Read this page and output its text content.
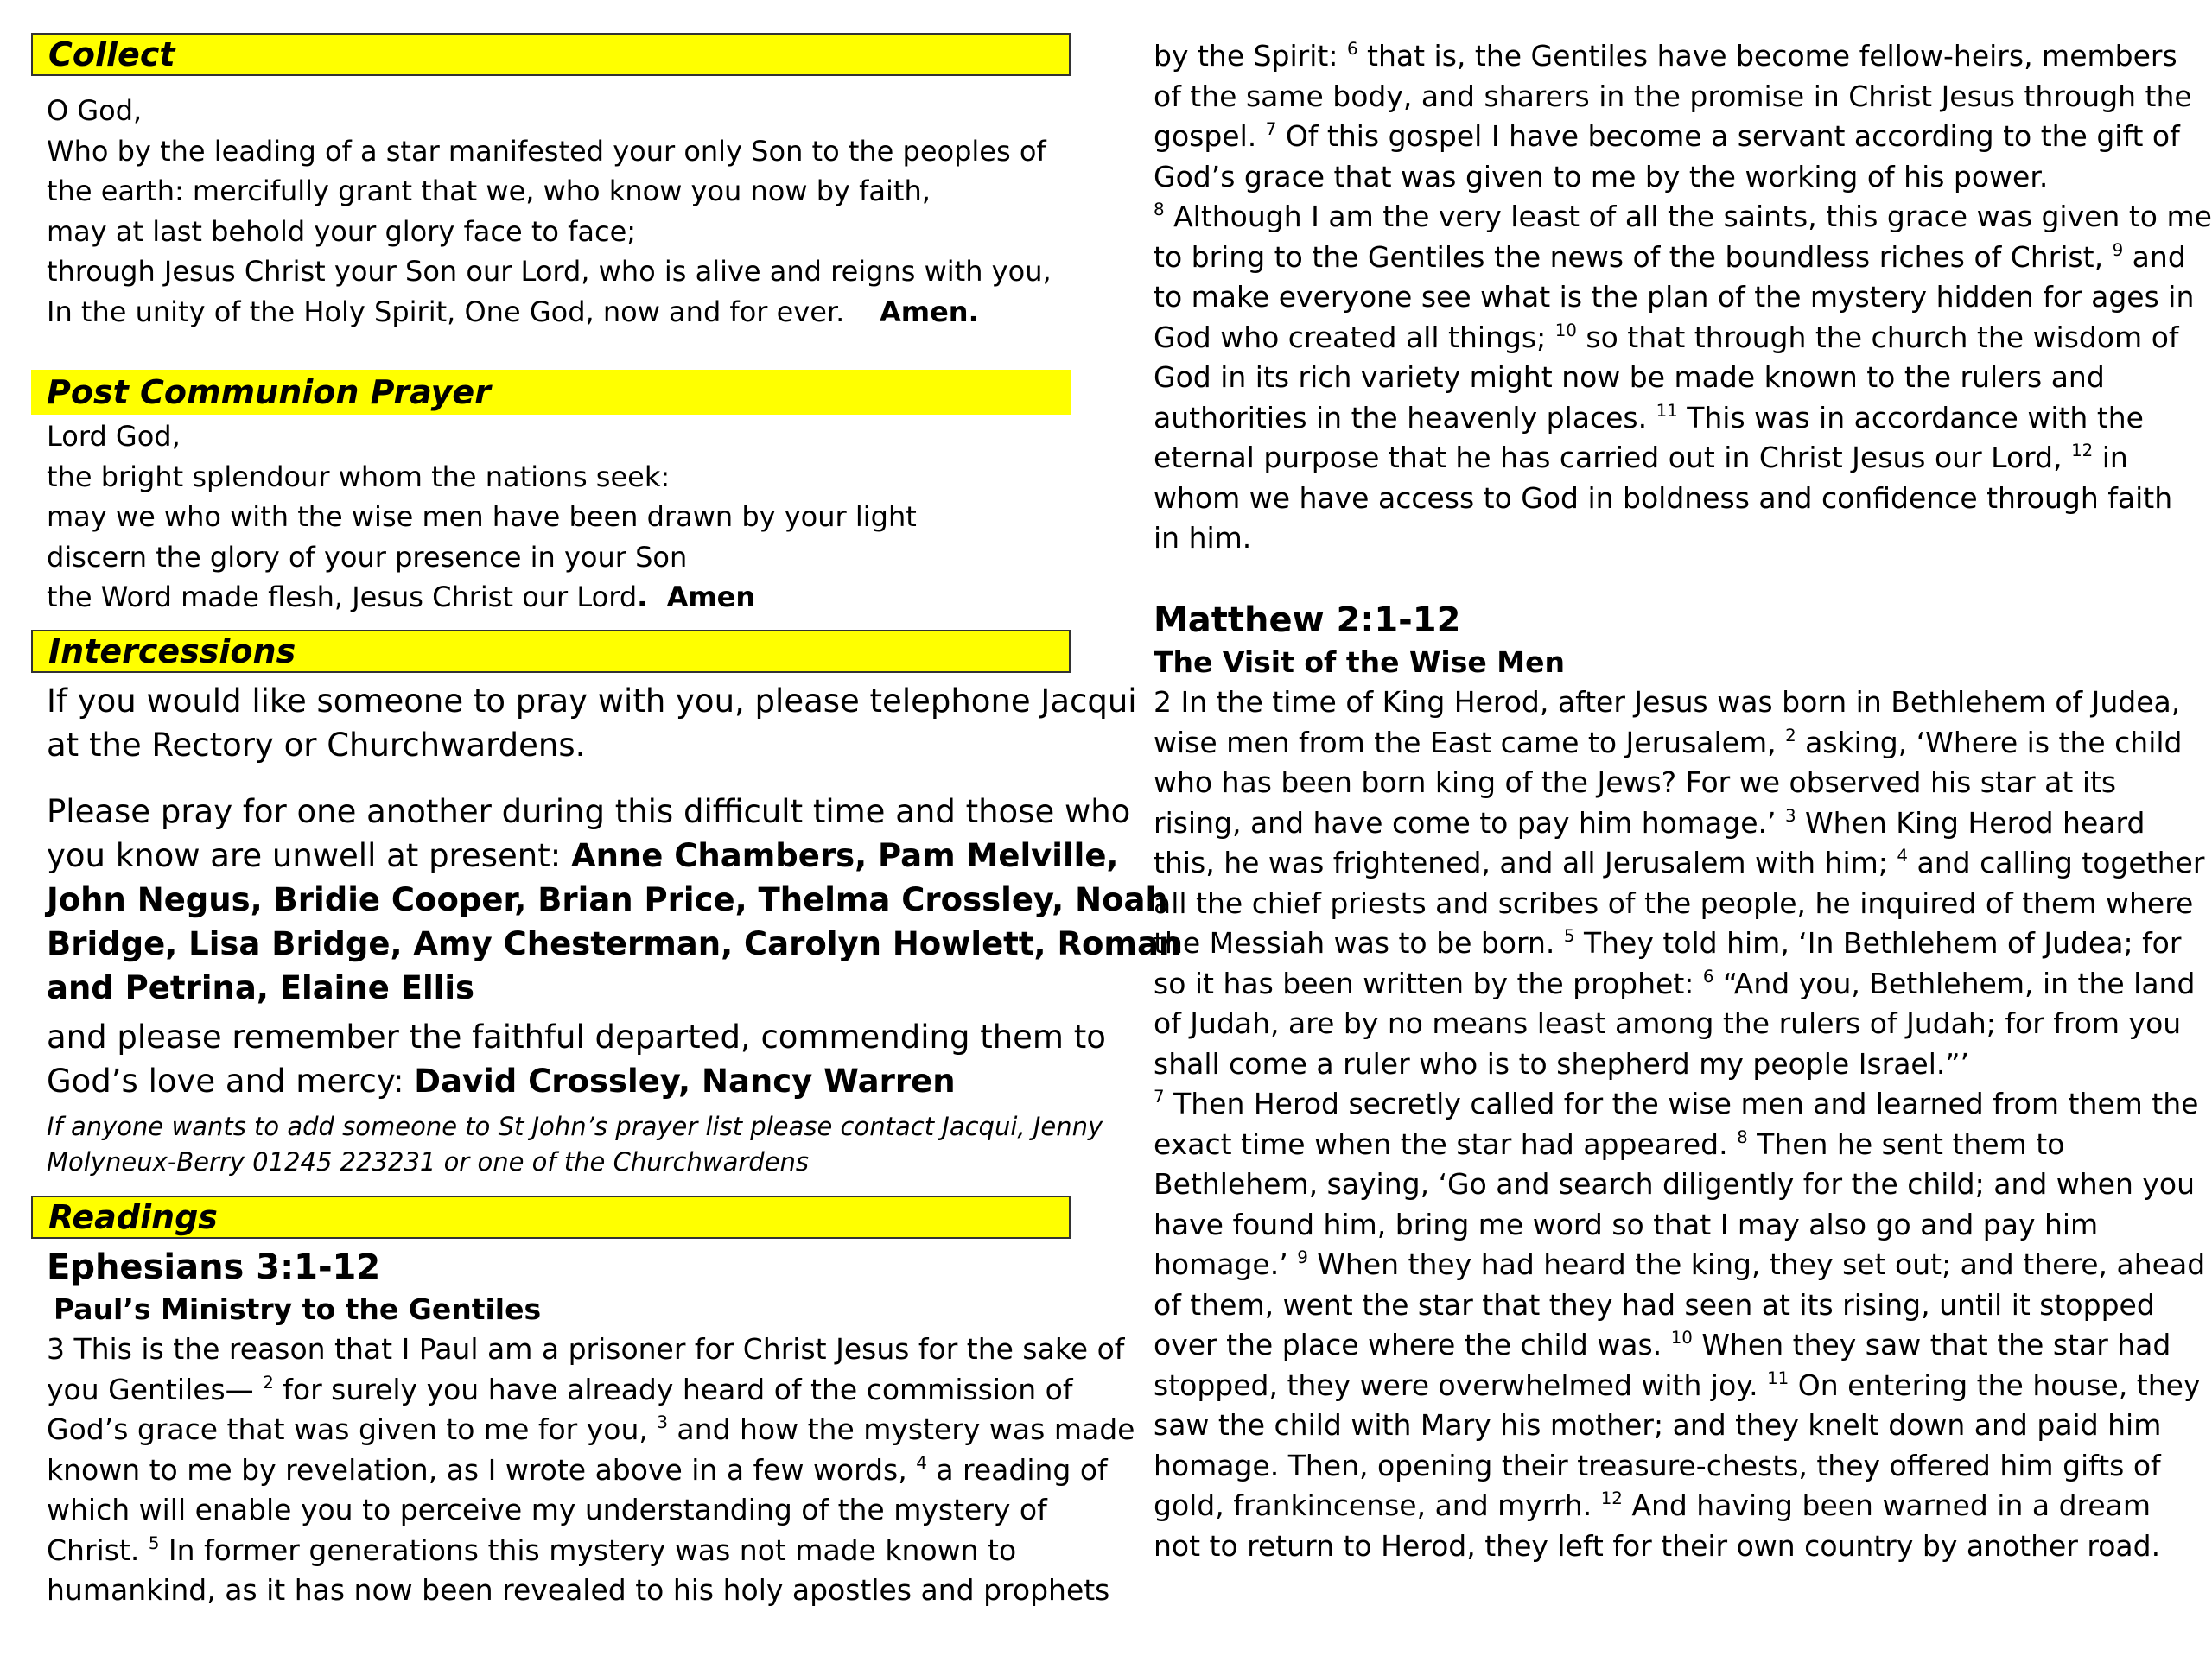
Collect
O God,
Who by the leading of a star manifested your only Son to the peoples of
the earth: mercifully grant that we, who know you now by faith,
may at last behold your glory face to face;
through Jesus Christ your Son our Lord, who is alive and reigns with you,
In the unity of the Holy Spirit, One God, now and for ever. Amen.
Post Communion Prayer
Lord God,
the bright splendour whom the nations seek:
may we who with the wise men have been drawn by your light
discern the glory of your presence in your Son
the Word made flesh, Jesus Christ our Lord.  Amen
Intercessions
If you would like someone to pray with you, please telephone Jacqui
at the Rectory or Churchwardens.
Please pray for one another during this difficult time and those who
you know are unwell at present: Anne Chambers, Pam Melville,
John Negus, Bridie Cooper, Brian Price, Thelma Crossley, Noah
Bridge, Lisa Bridge, Amy Chesterman, Carolyn Howlett, Roman
and Petrina, Elaine Ellis
and please remember the faithful departed, commending them to
God’s love and mercy: David Crossley, Nancy Warren
If anyone wants to add someone to St John’s prayer list please contact Jacqui, Jenny
Molyneux-Berry 01245 223231 or one of the Churchwardens
Readings
Ephesians 3:1-12
Paul’s Ministry to the Gentiles
3 This is the reason that I Paul am a prisoner for Christ Jesus for the sake of
you Gentiles— $^2$ for surely you have already heard of the commission of
God’s grace that was given to me for you, $^3$ and how the mystery was made
known to me by revelation, as I wrote above in a few words, $^4$ a reading of
which will enable you to perceive my understanding of the mystery of
Christ. $^5$ In former generations this mystery was not made known to
humankind, as it has now been revealed to his holy apostles and prophets
by the Spirit: $^6$ that is, the Gentiles have become fellow-heirs, members
of the same body, and sharers in the promise in Christ Jesus through the
gospel. $^7$ Of this gospel I have become a servant according to the gift of
God’s grace that was given to me by the working of his power.
$^8$ Although I am the very least of all the saints, this grace was given to me
to bring to the Gentiles the news of the boundless riches of Christ, $^9$ and
to make everyone see what is the plan of the mystery hidden for ages in
God who created all things; $^{10}$ so that through the church the wisdom of
God in its rich variety might now be made known to the rulers and
authorities in the heavenly places. $^{11}$ This was in accordance with the
eternal purpose that he has carried out in Christ Jesus our Lord, $^{12}$ in
whom we have access to God in boldness and confidence through faith
in him.
Matthew 2:1-12
The Visit of the Wise Men
2 In the time of King Herod, after Jesus was born in Bethlehem of Judea,
wise men from the East came to Jerusalem, $^2$ asking, ‘Where is the child
who has been born king of the Jews? For we observed his star at its
rising, and have come to pay him homage.’ $^3$ When King Herod heard
this, he was frightened, and all Jerusalem with him; $^4$ and calling together
all the chief priests and scribes of the people, he inquired of them where
the Messiah was to be born. $^5$ They told him, ‘In Bethlehem of Judea; for
so it has been written by the prophet: $^6$ “And you, Bethlehem, in the land
of Judah, are by no means least among the rulers of Judah; for from you
shall come a ruler who is to shepherd my people Israel.”’
$^7$ Then Herod secretly called for the wise men and learned from them the
exact time when the star had appeared. $^8$ Then he sent them to
Bethlehem, saying, ‘Go and search diligently for the child; and when you
have found him, bring me word so that I may also go and pay him
homage.’ $^9$ When they had heard the king, they set out; and there, ahead
of them, went the star that they had seen at its rising, until it stopped
over the place where the child was. $^{10}$ When they saw that the star had
stopped, they were overwhelmed with joy. $^{11}$ On entering the house, they
saw the child with Mary his mother; and they knelt down and paid him
homage. Then, opening their treasure-chests, they offered him gifts of
gold, frankincense, and myrrh. $^{12}$ And having been warned in a dream
not to return to Herod, they left for their own country by another road.
